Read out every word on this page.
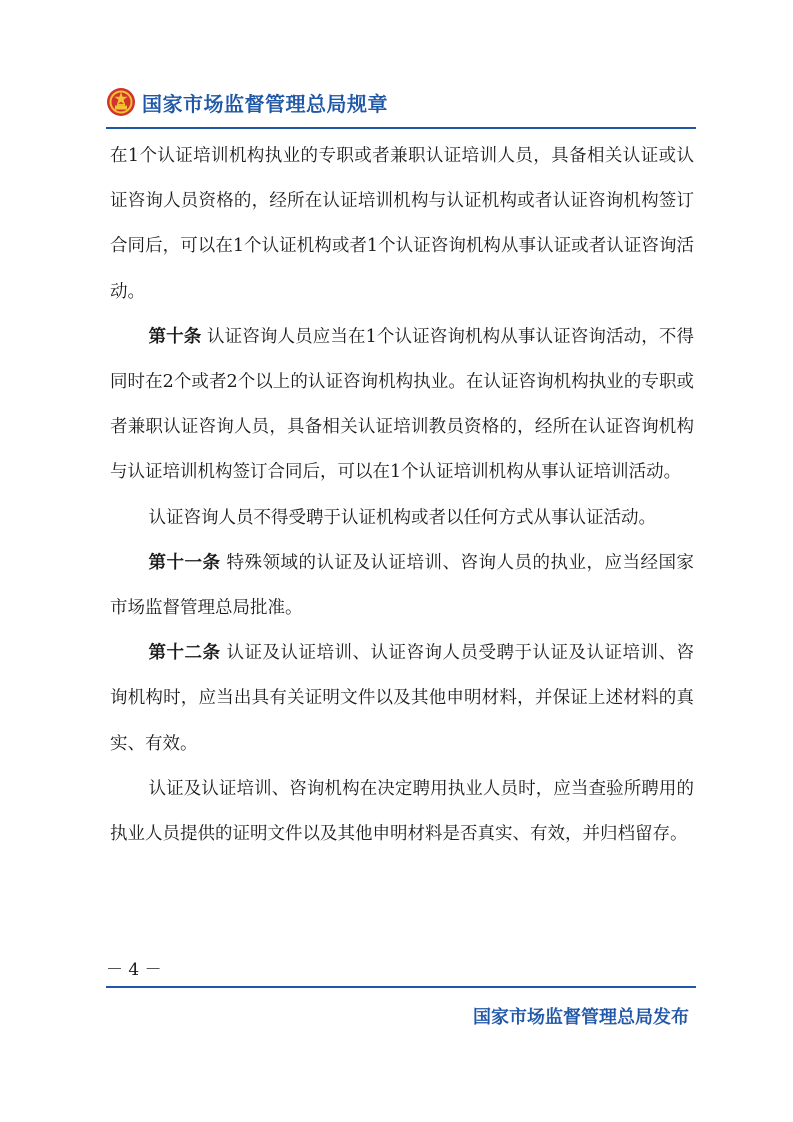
国家市场监督管理总局规章

在1个认证培训机构执业的专职或者兼职认证培训人员，具备相关认证或认证咨询人员资格的，经所在认证培训机构与认证机构或者认证咨询机构签订合同后，可以在1个认证机构或者1个认证咨询机构从事认证或者认证咨询活动。

第十条 认证咨询人员应当在1个认证咨询机构从事认证咨询活动，不得同时在2个或者2个以上的认证咨询机构执业。在认证咨询机构执业的专职或者兼职认证咨询人员，具备相关认证培训教员资格的，经所在认证咨询机构与认证培训机构签订合同后，可以在1个认证培训机构从事认证培训活动。

认证咨询人员不得受聘于认证机构或者以任何方式从事认证活动。

第十一条 特殊领域的认证及认证培训、咨询人员的执业，应当经国家市场监督管理总局批准。

第十二条 认证及认证培训、认证咨询人员受聘于认证及认证培训、咨询机构时，应当出具有关证明文件以及其他申明材料，并保证上述材料的真实、有效。

认证及认证培训、咨询机构在决定聘用执业人员时，应当查验所聘用的执业人员提供的证明文件以及其他申明材料是否真实、有效，并归档留存。

－ 4 －
国家市场监督管理总局发布
